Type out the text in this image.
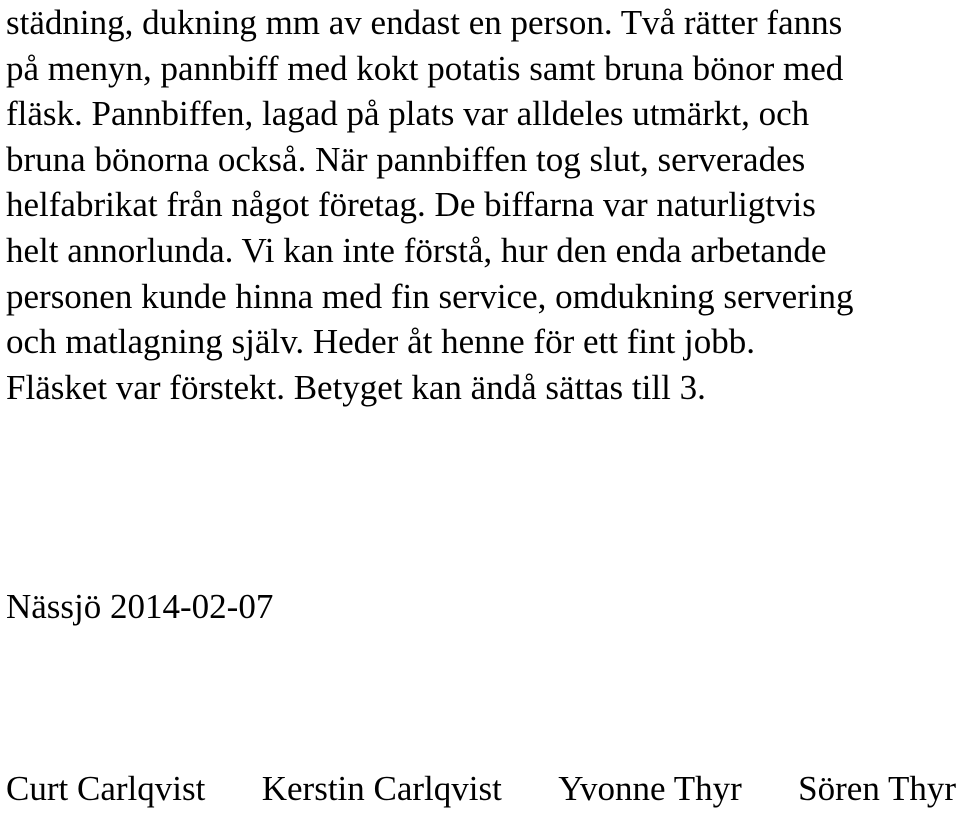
städning, dukning mm av endast en person. Två rätter fanns
på menyn, pannbiff med kokt potatis samt bruna bönor med
fläsk. Pannbiffen, lagad på plats var alldeles utmärkt, och
bruna bönorna också. När pannbiffen tog slut, serverades
helfabrikat från något företag. De biffarna var naturligtvis
helt annorlunda. Vi kan inte förstå, hur den enda arbetande
personen kunde hinna med fin service, omdukning servering
och matlagning själv. Heder åt henne för ett fint jobb.
Fläsket var förstekt. Betyget kan ändå sättas till 3.
Nässjö 2014-02-07
Curt Carlqvist Kerstin Carlqvist Yvonne Thyr Sören Thyr
